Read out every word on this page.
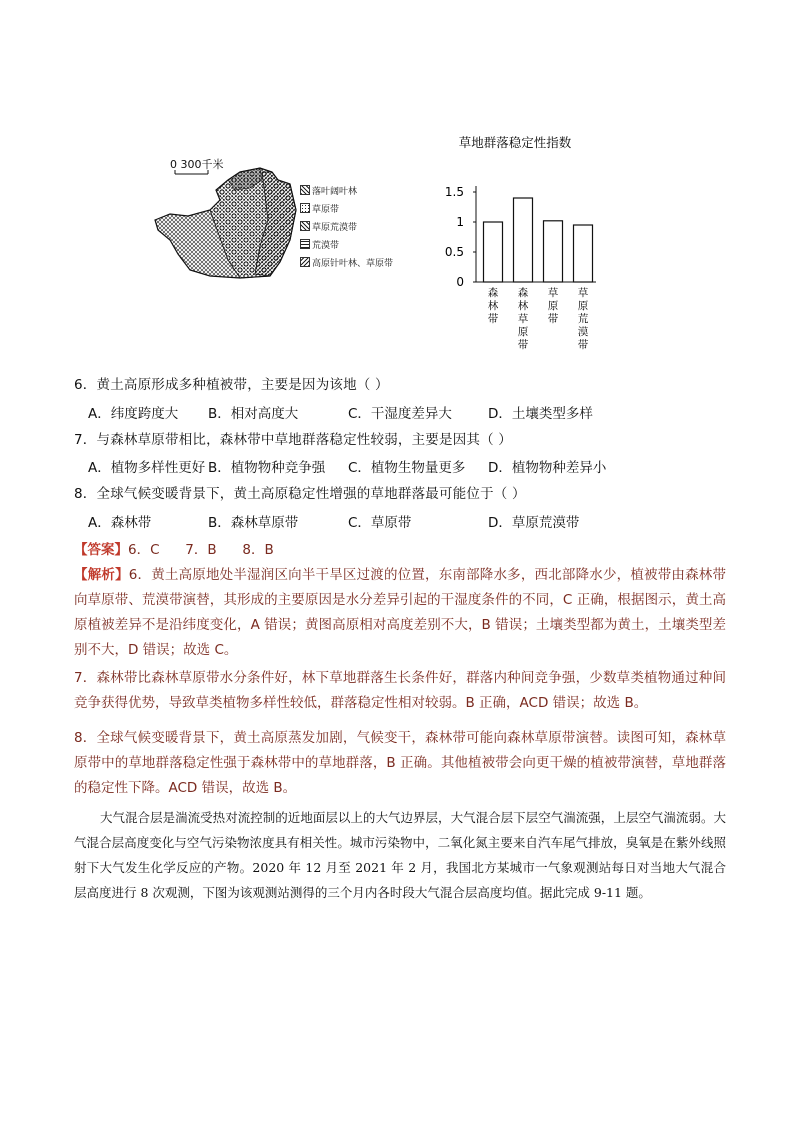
0 300千米
落叶阔叶林
草原带
草原荒漠带
荒漠带
高原针叶林、草原带
草地群落稳定性指数
0
0.5
1
1.5
森
林
带
森
林
草
原
带
草
原
带
草
原
荒
漠
带
6．黄土高原形成多种植被带，主要是因为该地（ ）
A．纬度跨度大 B．相对高度大	C．干湿度差异大	D．土壤类型多样
7．与森林草原带相比，森林带中草地群落稳定性较弱，主要是因其（ ）
A．植物多样性更好 B．植物物种竞争强 C．植物生物量更多 D．植物物种差异小
8．全球气候变暖背景下，黄土高原稳定性增强的草地群落最可能位于（ ）
A．森林带	B．森林草原带	C．草原带	D．草原荒漠带
【答案】6．C      7．B      8．B
【解析】6．黄土高原地处半湿润区向半干旱区过渡的位置，东南部降水多，西北部降水少，植被带由森林带向草原带、荒漠带演替，其形成的主要原因是水分差异引起的干湿度条件的不同，C 正确，根据图示，黄土高原植被差异不是沿纬度变化，A 错误；黄图高原相对高度差别不大，B 错误；土壤类型都为黄土，土壤类型差别不大，D 错误；故选 C。
7．森林带比森林草原带水分条件好，林下草地群落生长条件好，群落内种间竞争强，少数草类植物通过种间竞争获得优势，导致草类植物多样性较低，群落稳定性相对较弱。B 正确，ACD 错误；故选 B。
8．全球气候变暖背景下，黄土高原蒸发加剧，气候变干，森林带可能向森林草原带演替。读图可知，森林草原带中的草地群落稳定性强于森林带中的草地群落，B 正确。其他植被带会向更干燥的植被带演替，草地群落的稳定性下降。ACD 错误，故选 B。
大气混合层是湍流受热对流控制的近地面层以上的大气边界层，大气混合层下层空气湍流强，上层空气湍流弱。大气混合层高度变化与空气污染物浓度具有相关性。城市污染物中，二氧化氮主要来自汽车尾气排放，臭氧是在紫外线照射下大气发生化学反应的产物。2020 年 12 月至 2021 年 2 月，我国北方某城市一气象观测站每日对当地大气混合层高度进行 8 次观测，下图为该观测站测得的三个月内各时段大气混合层高度均值。据此完成 9-11 题。
